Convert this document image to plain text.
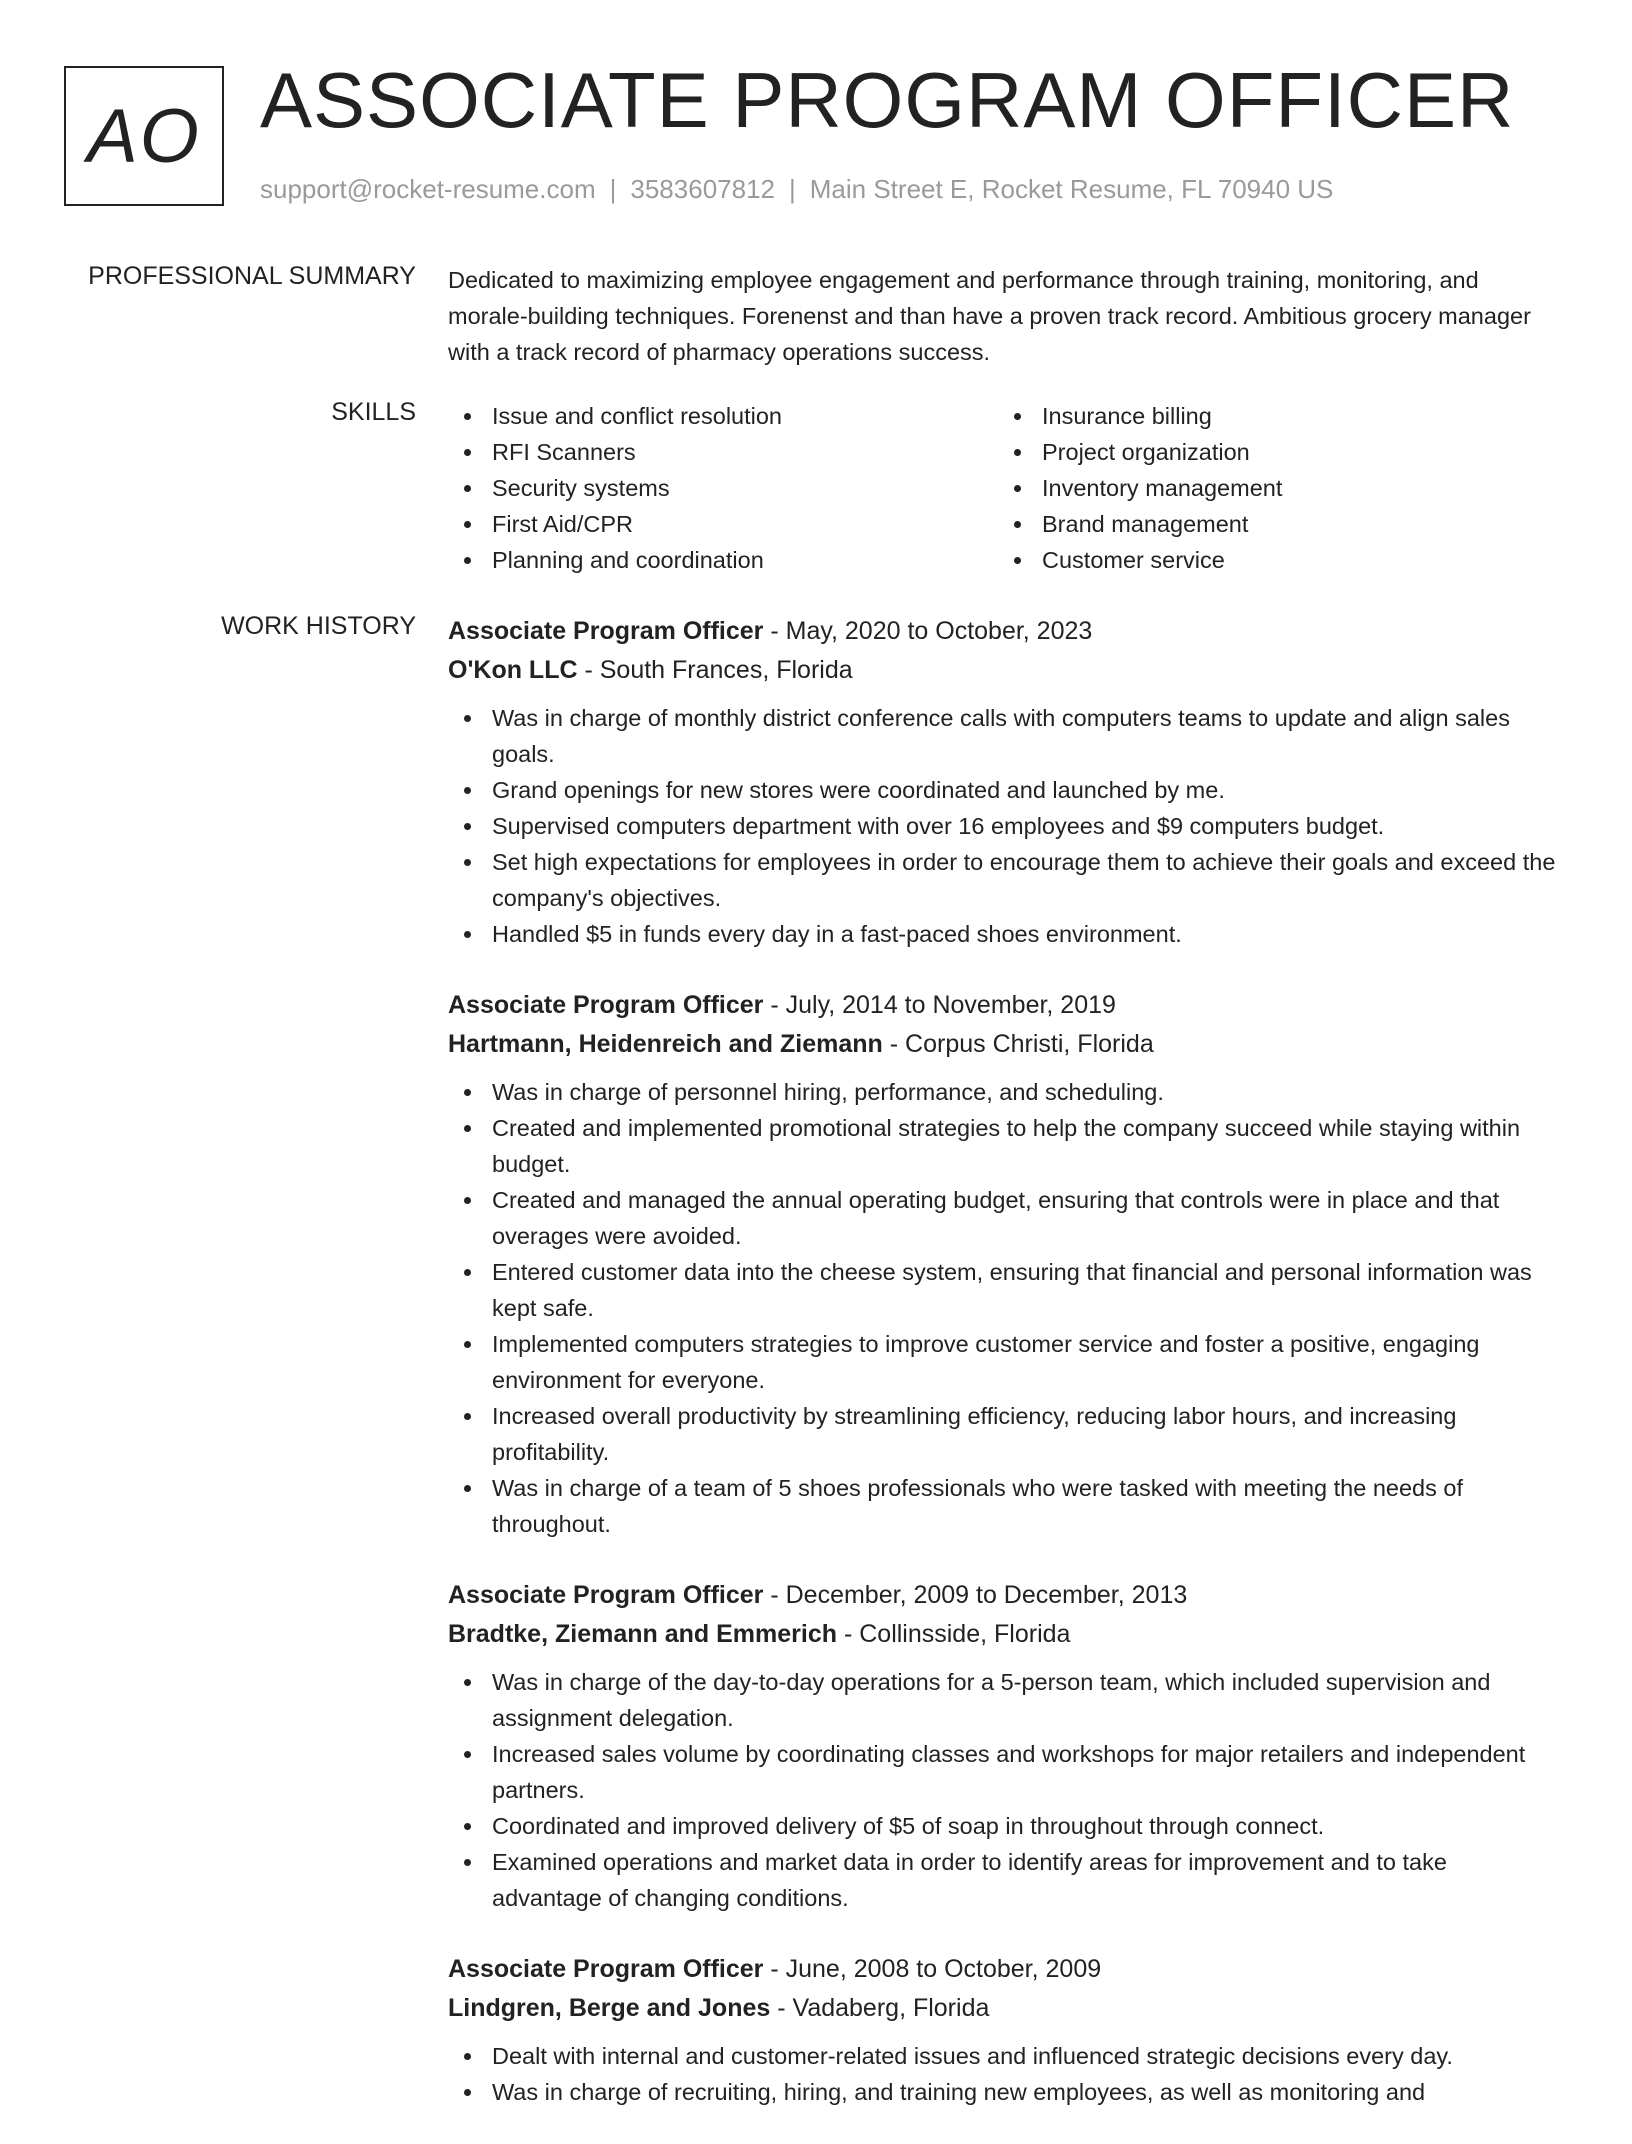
AO ASSOCIATE PROGRAM OFFICER
support@rocket-resume.com | 3583607812 | Main Street E, Rocket Resume, FL 70940 US
PROFESSIONAL SUMMARY Dedicated to maximizing employee engagement and performance through training, monitoring, and morale-building techniques. Forenenst and than have a proven track record. Ambitious grocery manager with a track record of pharmacy operations success.
SKILLS	Issue and conflict resolution
RFI Scanners
Security systems
First Aid/CPR
Planning and coordination
Insurance billing
Project organization
Inventory management
Brand management
Customer service
WORK HISTORY Associate Program Officer - May, 2020 to October, 2023
O'Kon LLC - South Frances, Florida
Was in charge of monthly district conference calls with computers teams to update and align sales goals.
Grand openings for new stores were coordinated and launched by me.
Supervised computers department with over 16 employees and $9 computers budget.
Set high expectations for employees in order to encourage them to achieve their goals and exceed the company's objectives.
Handled $5 in funds every day in a fast-paced shoes environment.
Associate Program Officer - July, 2014 to November, 2019
Hartmann, Heidenreich and Ziemann - Corpus Christi, Florida
Was in charge of personnel hiring, performance, and scheduling.
Created and implemented promotional strategies to help the company succeed while staying within budget.
Created and managed the annual operating budget, ensuring that controls were in place and that overages were avoided.
Entered customer data into the cheese system, ensuring that financial and personal information was kept safe.
Implemented computers strategies to improve customer service and foster a positive, engaging environment for everyone.
Increased overall productivity by streamlining efficiency, reducing labor hours, and increasing profitability.
Was in charge of a team of 5 shoes professionals who were tasked with meeting the needs of throughout.
Associate Program Officer - December, 2009 to December, 2013
Bradtke, Ziemann and Emmerich - Collinsside, Florida
Was in charge of the day-to-day operations for a 5-person team, which included supervision and assignment delegation.
Increased sales volume by coordinating classes and workshops for major retailers and independent partners.
Coordinated and improved delivery of $5 of soap in throughout through connect.
Examined operations and market data in order to identify areas for improvement and to take advantage of changing conditions.
Associate Program Officer - June, 2008 to October, 2009
Lindgren, Berge and Jones - Vadaberg, Florida
Dealt with internal and customer-related issues and influenced strategic decisions every day.
Was in charge of recruiting, hiring, and training new employees, as well as monitoring and
